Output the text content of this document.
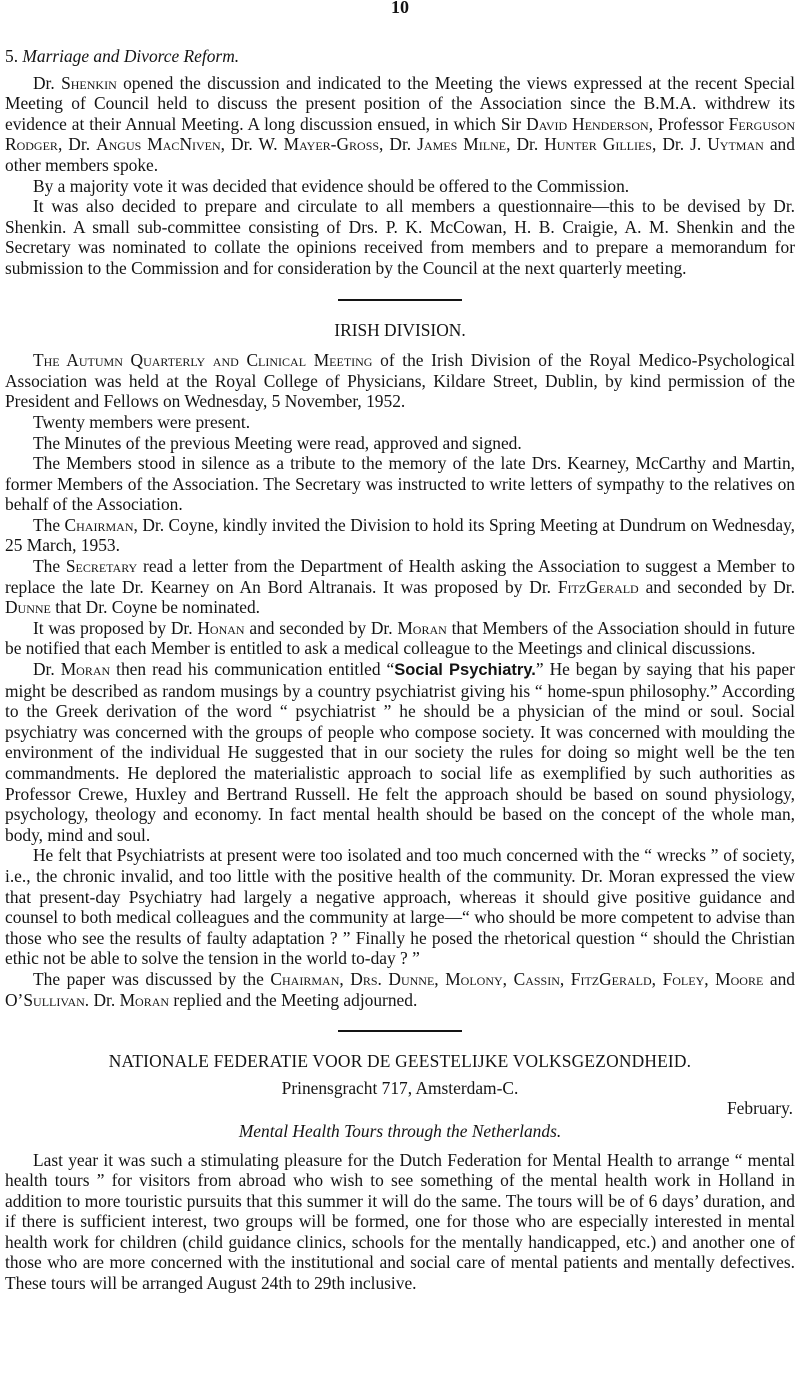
10
5. Marriage and Divorce Reform.

Dr. Shenkin opened the discussion and indicated to the Meeting the views expressed at the recent Special Meeting of Council held to discuss the present position of the Association since the B.M.A. withdrew its evidence at their Annual Meeting. A long discussion ensued, in which Sir David Henderson, Professor Ferguson Rodger, Dr. Angus MacNiven, Dr. W. Mayer-Gross, Dr. James Milne, Dr. Hunter Gillies, Dr. J. Uytman and other members spoke.

By a majority vote it was decided that evidence should be offered to the Commission.

It was also decided to prepare and circulate to all members a questionnaire—this to be devised by Dr. Shenkin. A small sub-committee consisting of Drs. P. K. McCowan, H. B. Craigie, A. M. Shenkin and the Secretary was nominated to collate the opinions received from members and to prepare a memorandum for submission to the Commission and for consideration by the Council at the next quarterly meeting.

IRISH DIVISION.

The Autumn Quarterly and Clinical Meeting of the Irish Division of the Royal Medico-Psychological Association was held at the Royal College of Physicians, Kildare Street, Dublin, by kind permission of the President and Fellows on Wednesday, 5 November, 1952.

Twenty members were present.

The Minutes of the previous Meeting were read, approved and signed.

The Members stood in silence as a tribute to the memory of the late Drs. Kearney, McCarthy and Martin, former Members of the Association. The Secretary was instructed to write letters of sympathy to the relatives on behalf of the Association.

The Chairman, Dr. Coyne, kindly invited the Division to hold its Spring Meeting at Dundrum on Wednesday, 25 March, 1953.

The Secretary read a letter from the Department of Health asking the Association to suggest a Member to replace the late Dr. Kearney on An Bord Altranais. It was proposed by Dr. FitzGerald and seconded by Dr. Dunne that Dr. Coyne be nominated.

It was proposed by Dr. Honan and seconded by Dr. Moran that Members of the Association should in future be notified that each Member is entitled to ask a medical colleague to the Meetings and clinical discussions.

Dr. Moran then read his communication entitled “Social Psychiatry.” He began by saying that his paper might be described as random musings by a country psychiatrist giving his “ home-spun philosophy.” According to the Greek derivation of the word “ psychiatrist ” he should be a physician of the mind or soul. Social psychiatry was concerned with the groups of people who compose society. It was concerned with moulding the environment of the individual He suggested that in our society the rules for doing so might well be the ten commandments. He deplored the materialistic approach to social life as exemplified by such authorities as Professor Crewe, Huxley and Bertrand Russell. He felt the approach should be based on sound physiology, psychology, theology and economy. In fact mental health should be based on the concept of the whole man, body, mind and soul.

He felt that Psychiatrists at present were too isolated and too much concerned with the “ wrecks ” of society, i.e., the chronic invalid, and too little with the positive health of the community. Dr. Moran expressed the view that present-day Psychiatry had largely a negative approach, whereas it should give positive guidance and counsel to both medical colleagues and the community at large—“ who should be more competent to advise than those who see the results of faulty adaptation ? ” Finally he posed the rhetorical question “ should the Christian ethic not be able to solve the tension in the world to-day ? ”

The paper was discussed by the Chairman, Drs. Dunne, Molony, Cassin, FitzGerald, Foley, Moore and O’Sullivan. Dr. Moran replied and the Meeting adjourned.

NATIONALE FEDERATIE VOOR DE GEESTELIJKE VOLKSGEZONDHEID.
Prinensgracht 717, Amsterdam-C.
February.
Mental Health Tours through the Netherlands.

Last year it was such a stimulating pleasure for the Dutch Federation for Mental Health to arrange “ mental health tours ” for visitors from abroad who wish to see something of the mental health work in Holland in addition to more touristic pursuits that this summer it will do the same. The tours will be of 6 days’ duration, and if there is sufficient interest, two groups will be formed, one for those who are especially interested in mental health work for children (child guidance clinics, schools for the mentally handicapped, etc.) and another one of those who are more concerned with the institutional and social care of mental patients and mentally defectives. These tours will be arranged August 24th to 29th inclusive.
